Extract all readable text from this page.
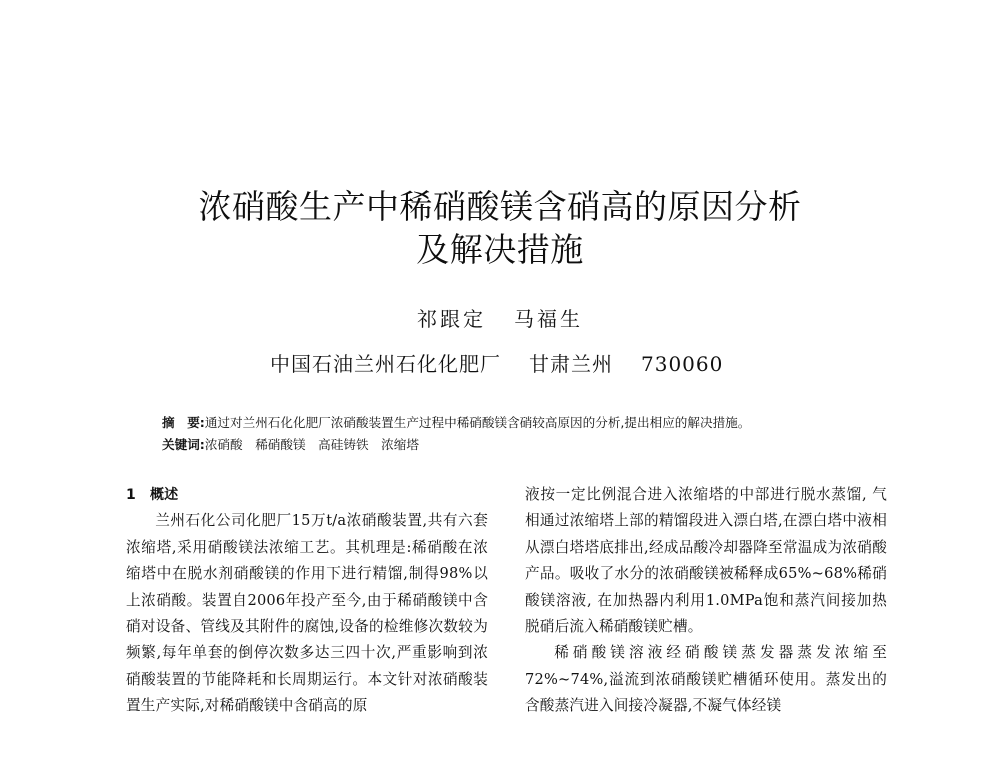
浓硝酸生产中稀硝酸镁含硝高的原因分析
及解决措施
祁跟定 马福生
中国石油兰州石化化肥厂 甘肃兰州 730060
摘　要:通过对兰州石化化肥厂浓硝酸装置生产过程中稀硝酸镁含硝较高原因的分析,提出相应的解决措施。
关键词:浓硝酸　稀硝酸镁　高硅铸铁　浓缩塔

1 概述

兰州石化公司化肥厂15万t/a浓硝酸装置,共有六套浓缩塔,采用硝酸镁法浓缩工艺。其机理是:稀硝酸在浓缩塔中在脱水剂硝酸镁的作用下进行精馏,制得98%以上浓硝酸。装置自2006年投产至今,由于稀硝酸镁中含硝对设备、管线及其附件的腐蚀,设备的检维修次数较为频繁,每年单套的倒停次数多达三四十次,严重影响到浓硝酸装置的节能降耗和长周期运行。本文针对浓硝酸装置生产实际,对稀硝酸镁中含硝高的原

液按一定比例混合进入浓缩塔的中部进行脱水蒸馏, 气相通过浓缩塔上部的精馏段进入漂白塔,在漂白塔中液相从漂白塔塔底排出,经成品酸冷却器降至常温成为浓硝酸产品。吸收了水分的浓硝酸镁被稀释成65%~68%稀硝酸镁溶液, 在加热器内利用1.0MPa饱和蒸汽间接加热脱硝后流入稀硝酸镁贮槽。

稀硝酸镁溶液经硝酸镁蒸发器蒸发浓缩至72%~74%,溢流到浓硝酸镁贮槽循环使用。蒸发出的含酸蒸汽进入间接冷凝器,不凝气体经镁
